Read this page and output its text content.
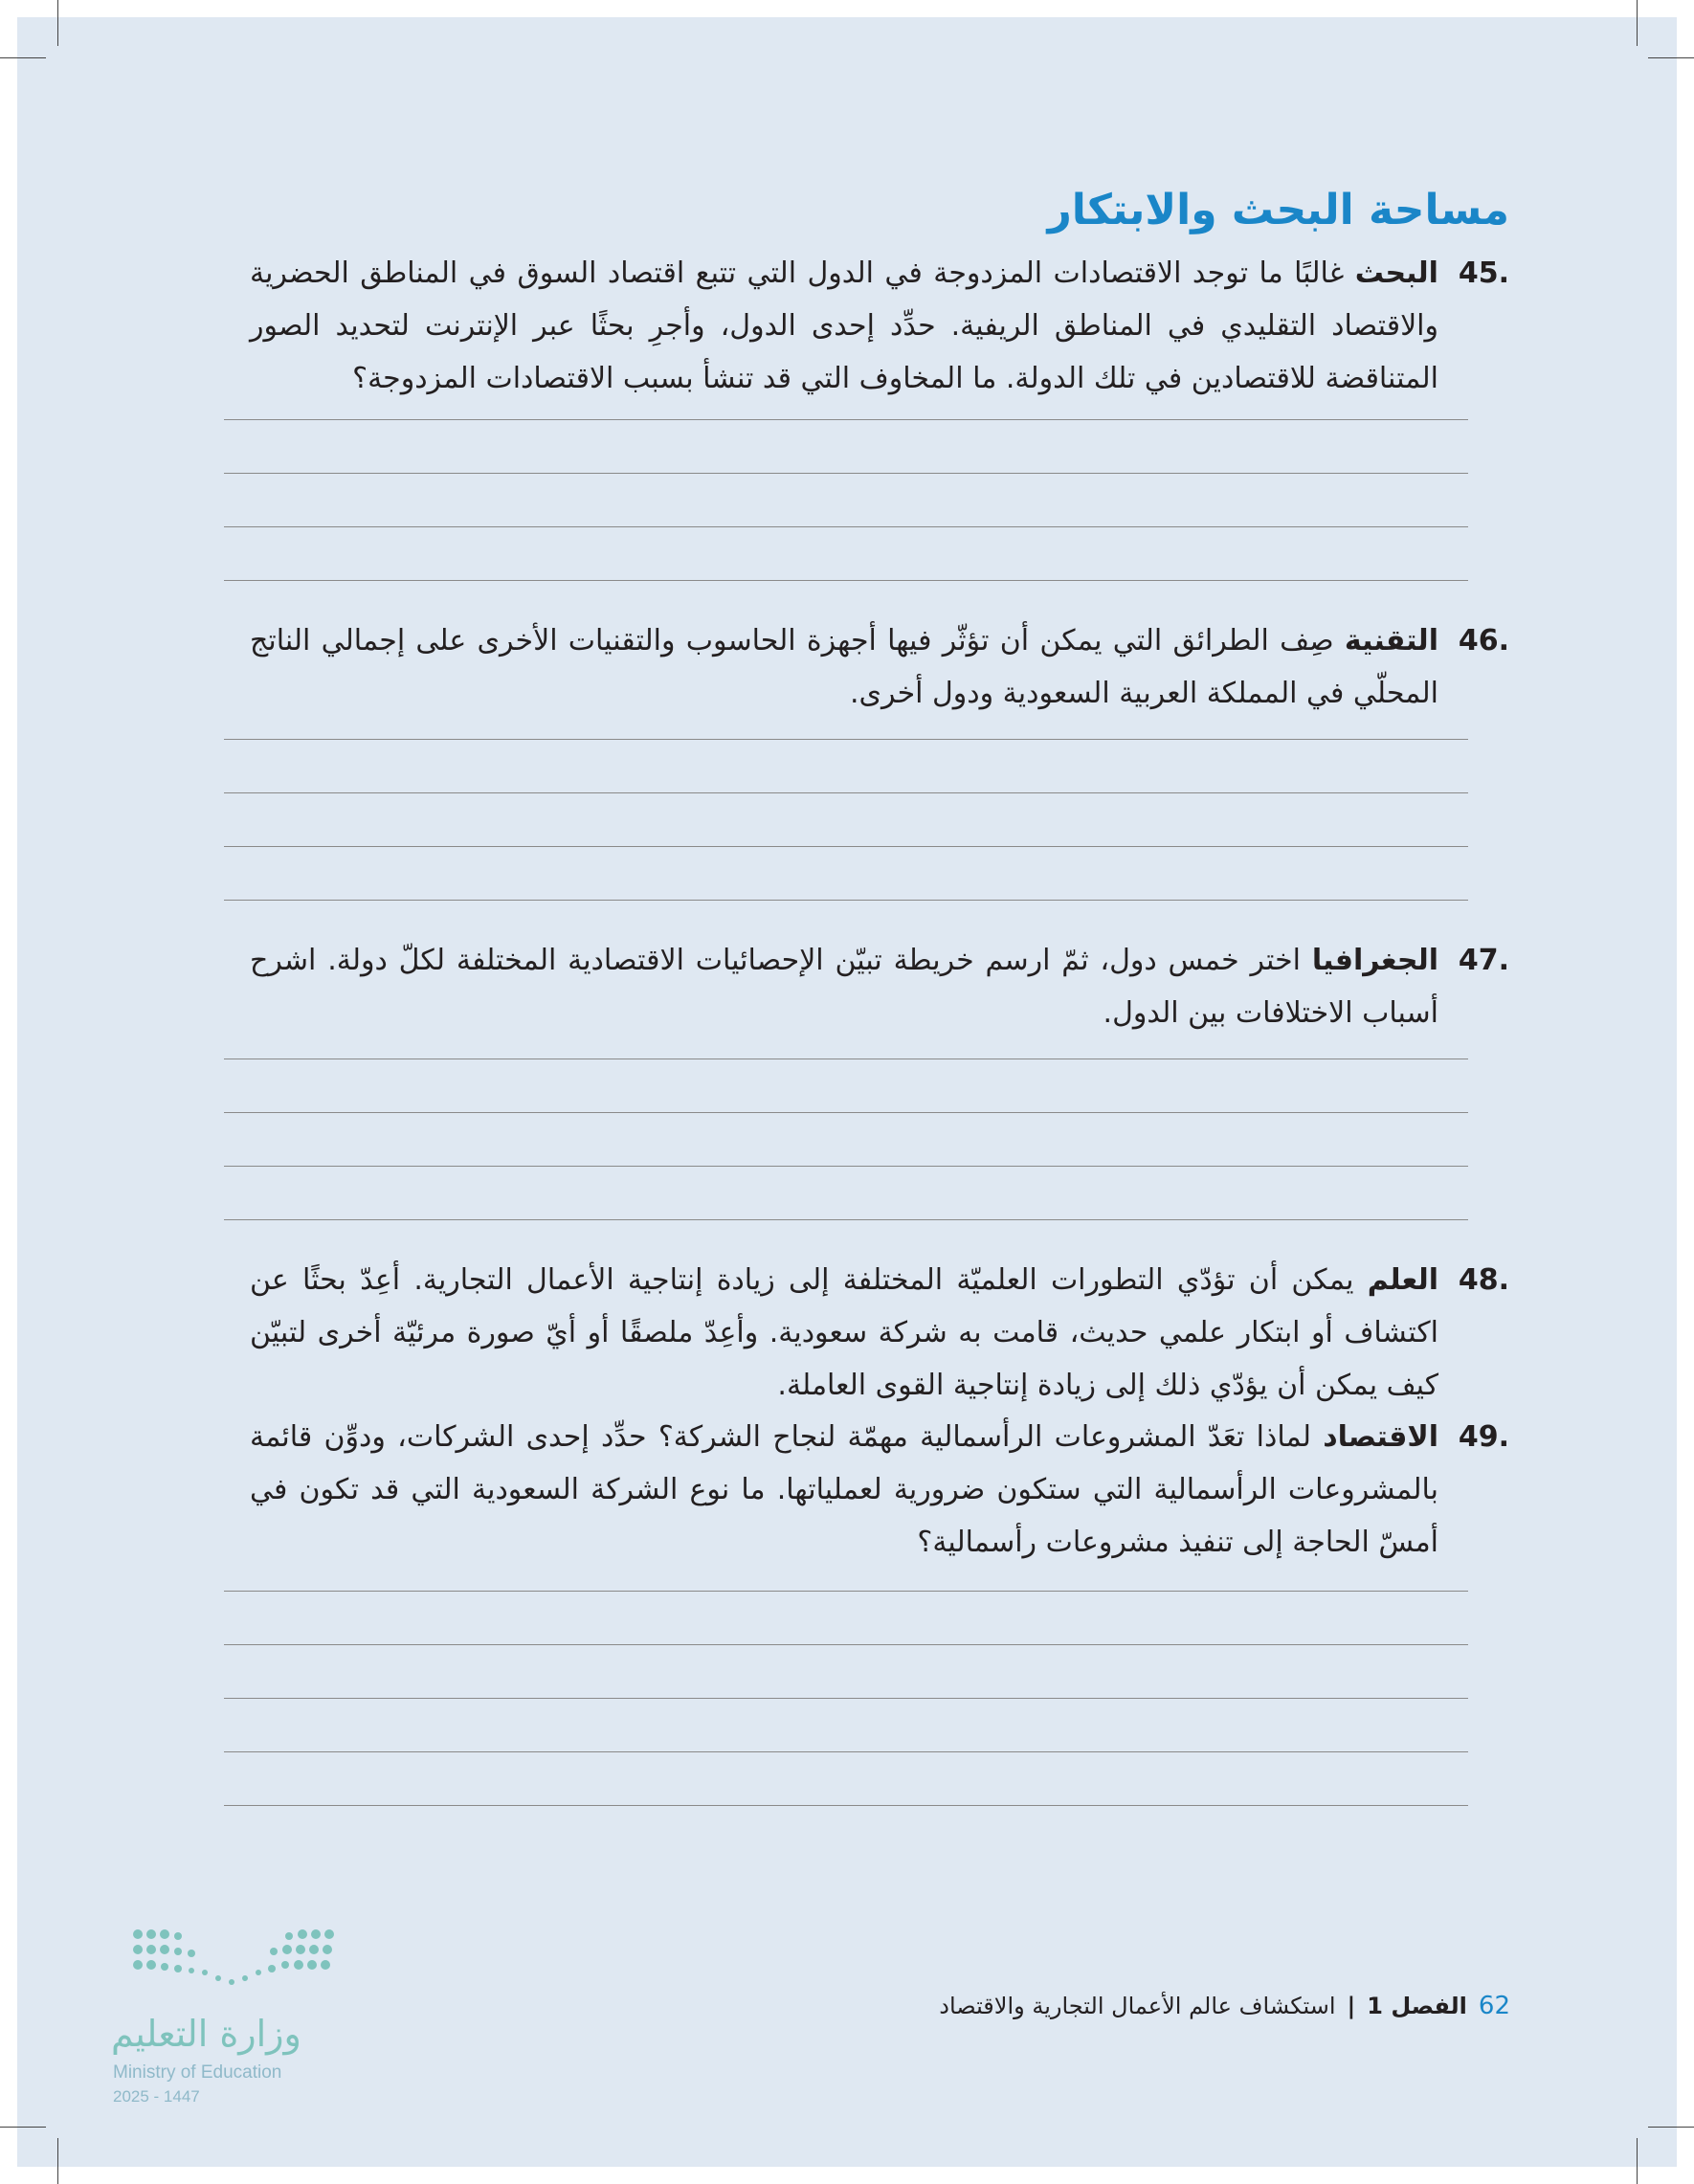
مساحة البحث والابتكار
45.
البحث غالبًا ما توجد الاقتصادات المزدوجة في الدول التي تتبع اقتصاد السوق في المناطق الحضرية والاقتصاد التقليدي في المناطق الريفية. حدِّد إحدى الدول، وأجرِ بحثًا عبر الإنترنت لتحديد الصور المتناقضة للاقتصادين في تلك الدولة. ما المخاوف التي قد تنشأ بسبب الاقتصادات المزدوجة؟
46.
التقنية صِف الطرائق التي يمكن أن تؤثّر فيها أجهزة الحاسوب والتقنيات الأخرى على إجمالي الناتج المحلّي في المملكة العربية السعودية ودول أخرى.
47.
الجغرافيا اختر خمس دول، ثمّ ارسم خريطة تبيّن الإحصائيات الاقتصادية المختلفة لكلّ دولة. اشرح أسباب الاختلافات بين الدول.
48.
العلم يمكن أن تؤدّي التطورات العلميّة المختلفة إلى زيادة إنتاجية الأعمال التجارية. أعِدّ بحثًا عن اكتشاف أو ابتكار علمي حديث، قامت به شركة سعودية. وأعِدّ ملصقًا أو أيّ صورة مرئيّة أخرى لتبيّن كيف يمكن أن يؤدّي ذلك إلى زيادة إنتاجية القوى العاملة.
49.
الاقتصاد لماذا تعَدّ المشروعات الرأسمالية مهمّة لنجاح الشركة؟ حدِّد إحدى الشركات، ودوِّن قائمة بالمشروعات الرأسمالية التي ستكون ضرورية لعملياتها. ما نوع الشركة السعودية التي قد تكون في أمسّ الحاجة إلى تنفيذ مشروعات رأسمالية؟
62
الفصل 1
|
استكشاف عالم الأعمال التجارية والاقتصاد
وزارة التعليم
Ministry of Education
2025 - 1447
